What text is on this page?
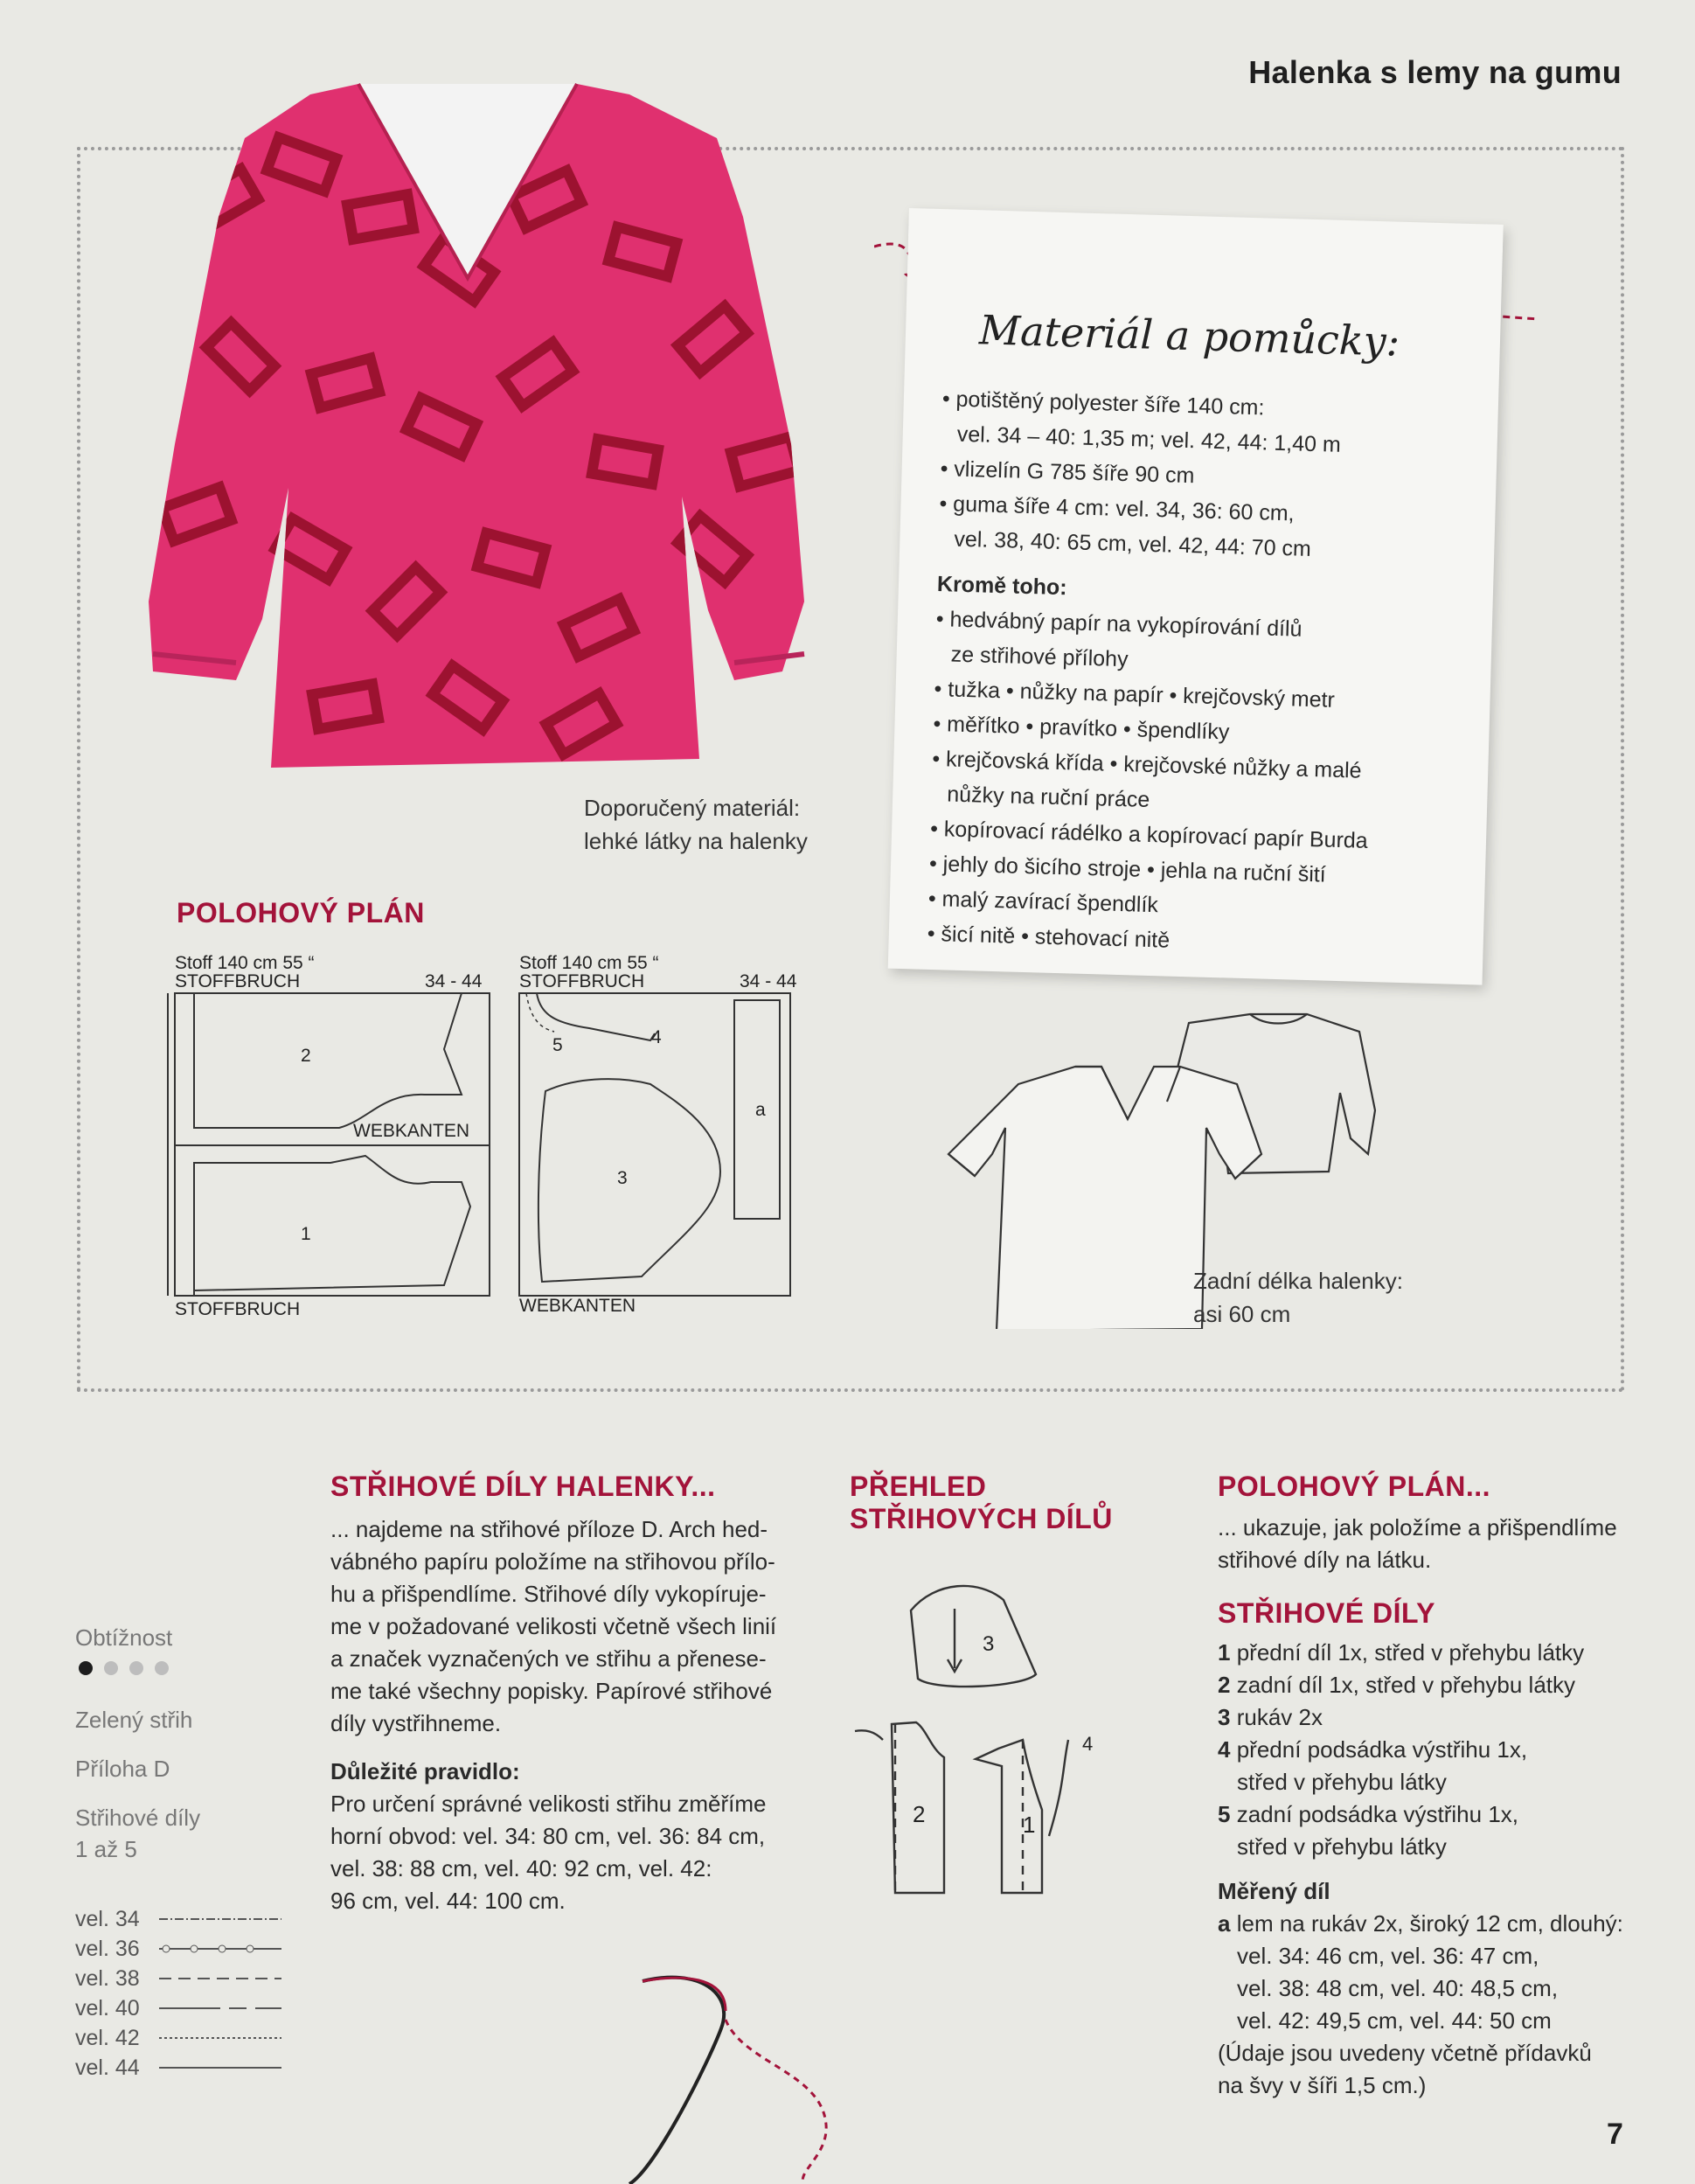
Halenka s lemy na gumu
Doporučený materiál:
lehké látky na halenky
Materiál a pomůcky:
• potištěný polyester šíře 140 cm:
vel. 34 – 40: 1,35 m; vel. 42, 44: 1,40 m
• vlizelín G 785 šíře 90 cm
• guma šíře 4 cm: vel. 34, 36: 60 cm,
vel. 38, 40: 65 cm, vel. 42, 44: 70 cm
Kromě toho:
• hedvábný papír na vykopírování dílů
ze střihové přílohy
• tužka • nůžky na papír • krejčovský metr
• měřítko • pravítko • špendlíky
• krejčovská křída • krejčovské nůžky a malé
nůžky na ruční práce
• kopírovací rádélko a kopírovací papír Burda
• jehly do šicího stroje • jehla na ruční šití
• malý zavírací špendlík
• šicí nitě • stehovací nitě
POLOHOVÝ PLÁN
Stoff 140 cm 55 “
STOFFBRUCH	34 - 44
2
WEBKANTEN
1
STOFFBRUCH
Stoff 140 cm 55 “
STOFFBRUCH	34 - 44
4
5
a
3
WEBKANTEN
Zadní délka halenky:
asi 60 cm
Obtížnost
Zelený střih
Příloha D
Střihové díly
1 až 5
vel. 34
vel. 36
vel. 38
vel. 40
vel. 42
vel. 44
STŘIHOVÉ DÍLY HALENKY...
... najdeme na střihové příloze D. Arch hed-
vábného papíru položíme na střihovou přílo-
hu a přišpendlíme. Střihové díly vykopíruje-
me v požadované velikosti včetně všech linií
a značek vyznačených ve střihu a přenese-
me také všechny popisky. Papírové střihové
díly vystřihneme.
Důležité pravidlo:
Pro určení správné velikosti střihu změříme
horní obvod: vel. 34: 80 cm, vel. 36: 84 cm,
vel. 38: 88 cm, vel. 40: 92 cm, vel. 42:
96 cm, vel. 44: 100 cm.
PŘEHLED
STŘIHOVÝCH DÍLŮ
3
2	1
4
POLOHOVÝ PLÁN...
... ukazuje, jak položíme a přišpendlíme
střihové díly na látku.
STŘIHOVÉ DÍLY
1 přední díl 1x, střed v přehybu látky
2 zadní díl 1x, střed v přehybu látky
3 rukáv 2x
4 přední podsádka výstřihu 1x,
střed v přehybu látky
5 zadní podsádka výstřihu 1x,
střed v přehybu látky
Měřený díl
a lem na rukáv 2x, široký 12 cm, dlouhý:
vel. 34: 46 cm, vel. 36: 47 cm,
vel. 38: 48 cm, vel. 40: 48,5 cm,
vel. 42: 49,5 cm, vel. 44: 50 cm
(Údaje jsou uvedeny včetně přídavků
na švy v šíři 1,5 cm.)
7
